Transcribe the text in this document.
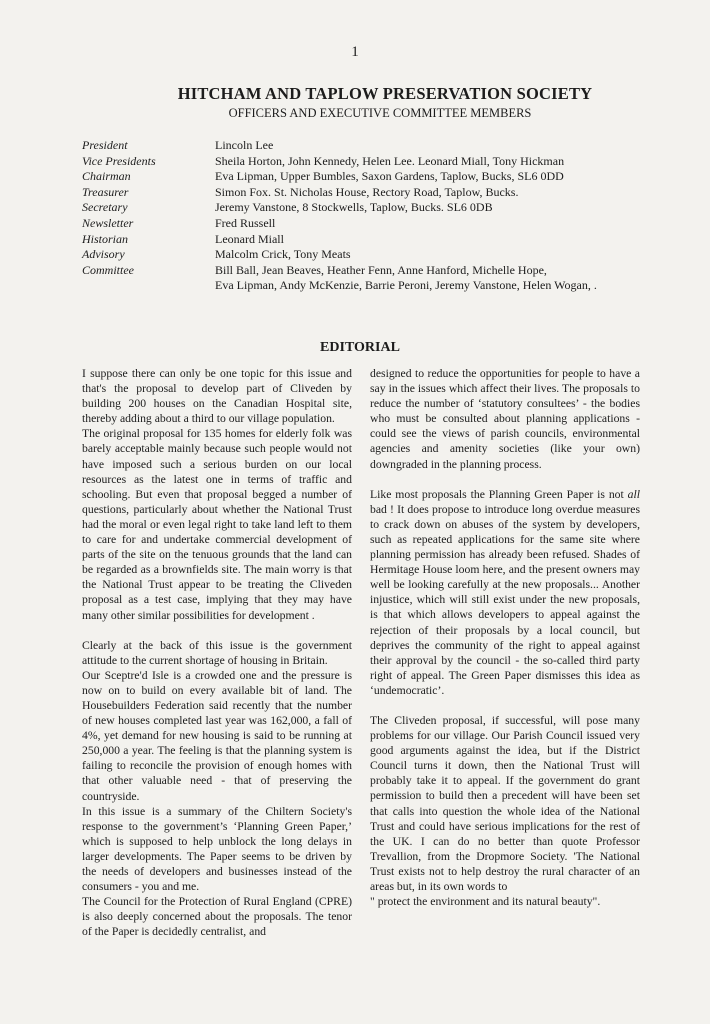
1
HITCHAM AND TAPLOW PRESERVATION SOCIETY
OFFICERS AND EXECUTIVE COMMITTEE MEMBERS
President	Lincoln Lee
Vice Presidents	Sheila Horton, John Kennedy, Helen Lee. Leonard Miall, Tony Hickman
Chairman	Eva Lipman, Upper Bumbles, Saxon Gardens, Taplow, Bucks, SL6 0DD
Treasurer	Simon Fox. St. Nicholas House, Rectory Road, Taplow, Bucks.
Secretary	Jeremy Vanstone, 8 Stockwells, Taplow, Bucks. SL6 0DB
Newsletter	Fred Russell
Historian	Leonard Miall
Advisory	Malcolm Crick, Tony Meats
Committee	Bill Ball, Jean Beaves, Heather Fenn, Anne Hanford, Michelle Hope,
Eva Lipman, Andy McKenzie, Barrie Peroni, Jeremy Vanstone, Helen Wogan, .
EDITORIAL

I suppose there can only be one topic for this issue and that's the proposal to develop part of Cliveden by building 200 houses on the Canadian Hospital site, thereby adding about a third to our village population.

The original proposal for 135 homes for elderly folk was barely acceptable mainly because such people would not have imposed such a serious burden on our local resources as the latest one in terms of traffic and schooling. But even that proposal begged a number of questions, particularly about whether the National Trust had the moral or even legal right to take land left to them to care for and undertake commercial development of parts of the site on the tenuous grounds that the land can be regarded as a brownfields site. The main worry is that the National Trust appear to be treating the Cliveden proposal as a test case, implying that they may have many other similar possibilities for development .

Clearly at the back of this issue is the government attitude to the current shortage of housing in Britain.

Our Sceptre'd Isle is a crowded one and the pressure is now on to build on every available bit of land. The Housebuilders Federation said recently that the number of new houses completed last year was 162,000, a fall of 4%, yet demand for new housing is said to be running at 250,000 a year. The feeling is that the planning system is failing to reconcile the provision of enough homes with that other valuable need - that of preserving the countryside.

In this issue is a summary of the Chiltern Society's response to the government’s ‘Planning Green Paper,’ which is supposed to help unblock the long delays in larger developments. The Paper seems to be driven by the needs of developers and businesses instead of the consumers - you and me.

The Council for the Protection of Rural England (CPRE) is also deeply concerned about the proposals. The tenor of the Paper is decidedly centralist, and

designed to reduce the opportunities for people to have a say in the issues which affect their lives. The proposals to reduce the number of ‘statutory consultees’ - the bodies who must be consulted about planning applications - could see the views of parish councils, environmental agencies and amenity societies (like your own) downgraded in the planning process.

Like most proposals the Planning Green Paper is not all bad ! It does propose to introduce long overdue measures to crack down on abuses of the system by developers, such as repeated applications for the same site where planning permission has already been refused. Shades of Hermitage House loom here, and the present owners may well be looking carefully at the new proposals... Another injustice, which will still exist under the new proposals, is that which allows developers to appeal against the rejection of their proposals by a local council, but deprives the community of the right to appeal against their approval by the council - the so-called third party right of appeal. The Green Paper dismisses this idea as ‘undemocratic’.

The Cliveden proposal, if successful, will pose many problems for our village. Our Parish Council issued very good arguments against the idea, but if the District Council turns it down, then the National Trust will probably take it to appeal. If the government do grant permission to build then a precedent will have been set that calls into question the whole idea of the National Trust and could have serious implications for the rest of the UK. I can do no better than quote Professor Trevallion, from the Dropmore Society. 'The National Trust exists not to help destroy the rural character of an areas but, in its own words to

" protect the environment and its natural beauty".
